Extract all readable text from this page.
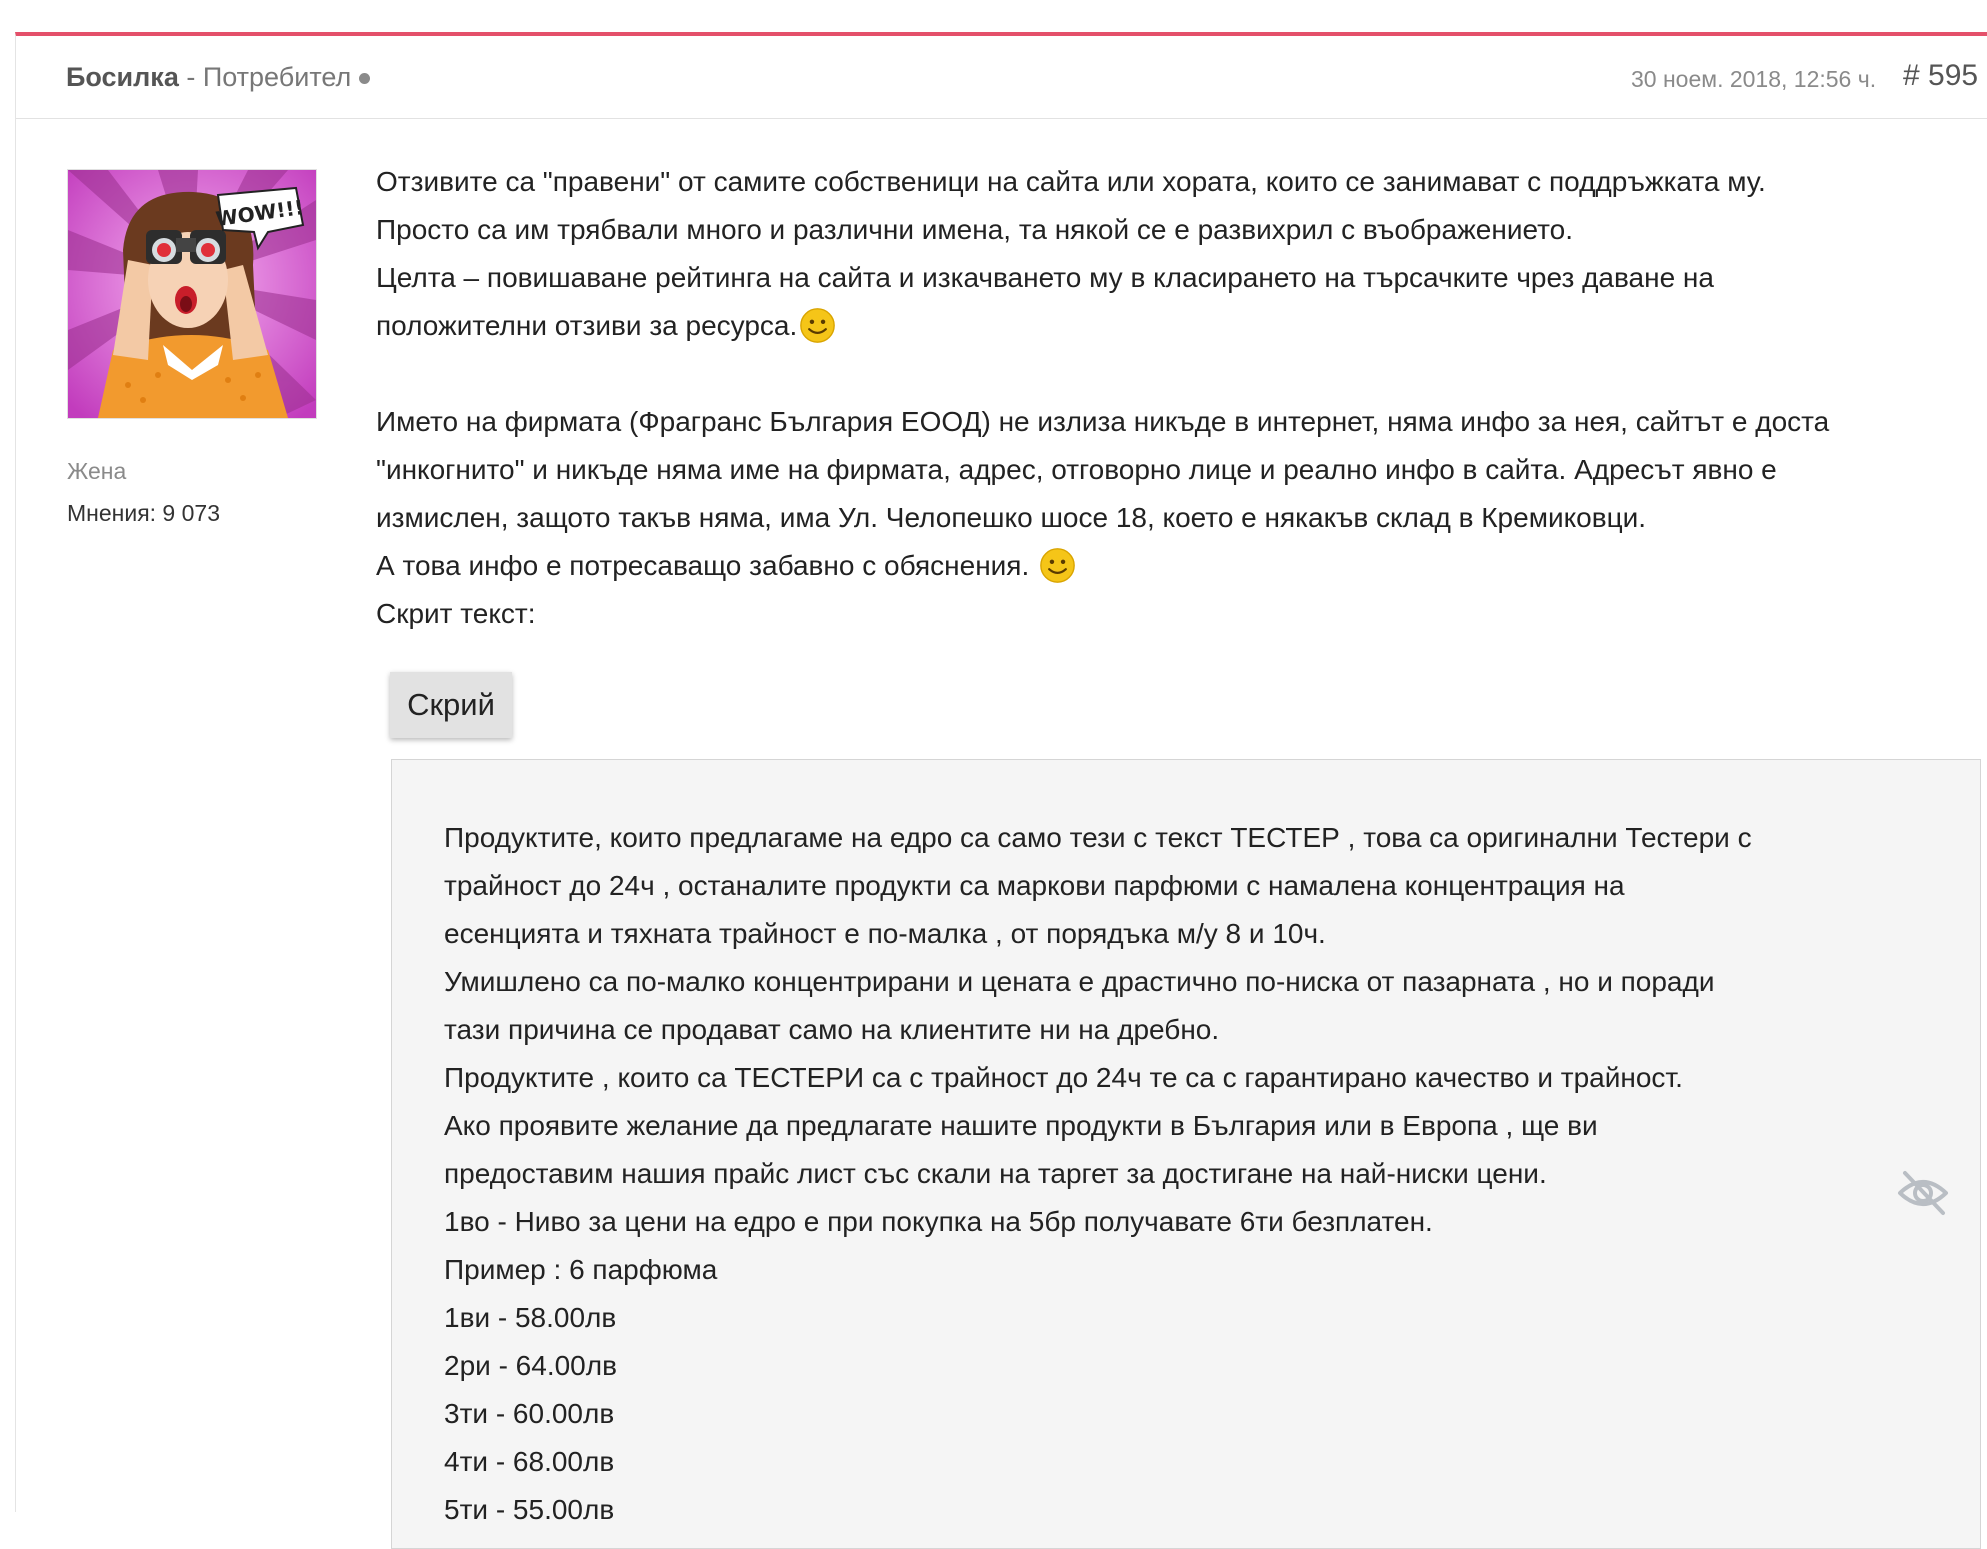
Босилка - Потребител	30 ноем. 2018, 12:56 ч. # 595
WOW!!!
Жена
Мнения: 9 073

Отзивите са "правени" от самите собственици на сайта или хората, които се занимават с поддръжката му.

Просто са им трябвали много и различни имена, та някой се е развихрил с въображението.

Целта – повишаване рейтинга на сайта и изкачването му в класирането на търсачките чрез даване на

положителни отзиви за ресурса.

Името на фирмата (Фрагранс България ЕООД) не излиза никъде в интернет, няма инфо за нея, сайтът е доста

"инкогнито" и никъде няма име на фирмата, адрес, отговорно лице и реално инфо в сайта. Адресът явно е

измислен, защото такъв няма, има Ул. Челопешко шосе 18, което е някакъв склад в Кремиковци.

А това инфо е потресаващо забавно с обяснения.

Скрит текст:

Скрий

Продуктите, които предлагаме на едро са само тези с текст ТЕСТЕР , това са оригинални Тестери с

трайност до 24ч , останалите продукти са маркови парфюми с намалена концентрация на

есенцията и тяхната трайност е по-малка , от порядъка м/у 8 и 10ч.

Умишлено са по-малко концентрирани и цената е драстично по-ниска от пазарната , но и поради

тази причина се продават само на клиентите ни на дребно.

Продуктите , които са ТЕСТЕРИ са с трайност до 24ч те са с гарантирано качество и трайност.

Ако проявите желание да предлагате нашите продукти в България или в Европа , ще ви

предоставим нашия прайс лист със скали на таргет за достигане на най-ниски цени.

1во - Ниво за цени на едро е при покупка на 5бр получавате 6ти безплатен.

Пример : 6 парфюма

1ви - 58.00лв

2ри - 64.00лв

3ти - 60.00лв

4ти - 68.00лв

5ти - 55.00лв
